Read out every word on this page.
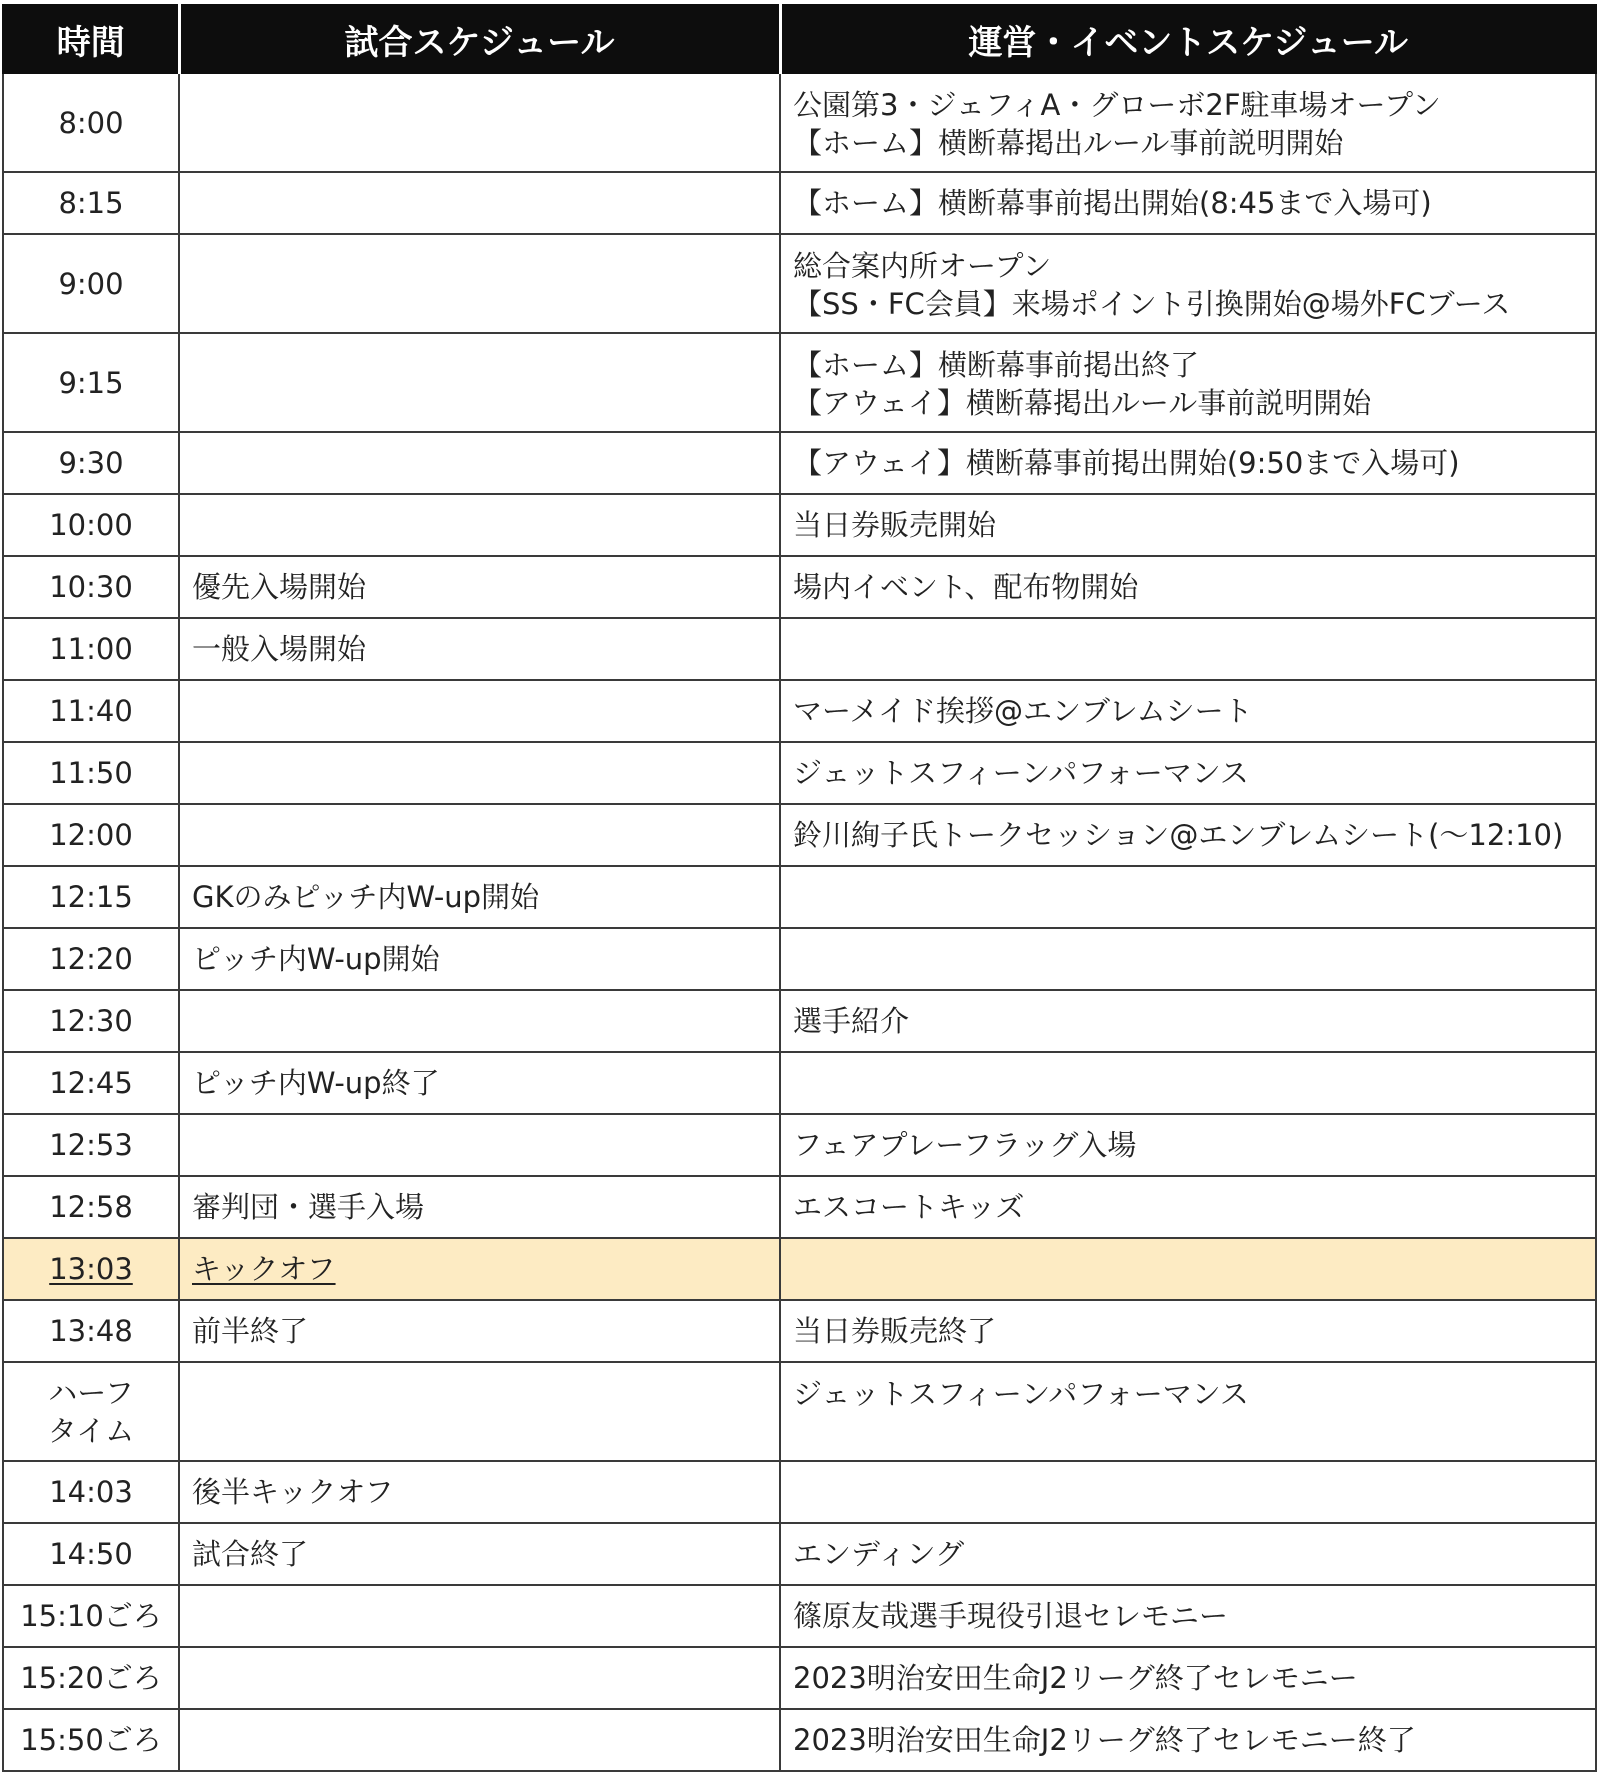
時間	試合スケジュール	運営・イベントスケジュール
8:00		公園第3・ジェフィA・グローボ2F駐車場オープン
【ホーム】横断幕掲出ルール事前説明開始

8:15		【ホーム】横断幕事前掲出開始(8:45まで入場可)

9:00		総合案内所オープン
【SS・FC会員】来場ポイント引換開始@場外FCブース

9:15		【ホーム】横断幕事前掲出終了
【アウェイ】横断幕掲出ルール事前説明開始

9:30		【アウェイ】横断幕事前掲出開始(9:50まで入場可)

10:00		当日券販売開始

10:30	優先入場開始	場内イベント、配布物開始

11:00	一般入場開始	

11:40		マーメイド挨拶@エンブレムシート

11:50		ジェットスフィーンパフォーマンス

12:00		鈴川絢子氏トークセッション@エンブレムシート(～12:10)

12:15	GKのみピッチ内W-up開始	

12:20	ピッチ内W-up開始	

12:30		選手紹介

12:45	ピッチ内W-up終了	

12:53		フェアプレーフラッグ入場

12:58	審判団・選手入場	エスコートキッズ

13:03	キックオフ	

13:48	前半終了	当日券販売終了

ハーフ
タイム		ジェットスフィーンパフォーマンス

14:03	後半キックオフ	

14:50	試合終了	エンディング

15:10ごろ		篠原友哉選手現役引退セレモニー

15:20ごろ		2023明治安田生命J2リーグ終了セレモニー

15:50ごろ		2023明治安田生命J2リーグ終了セレモニー終了
